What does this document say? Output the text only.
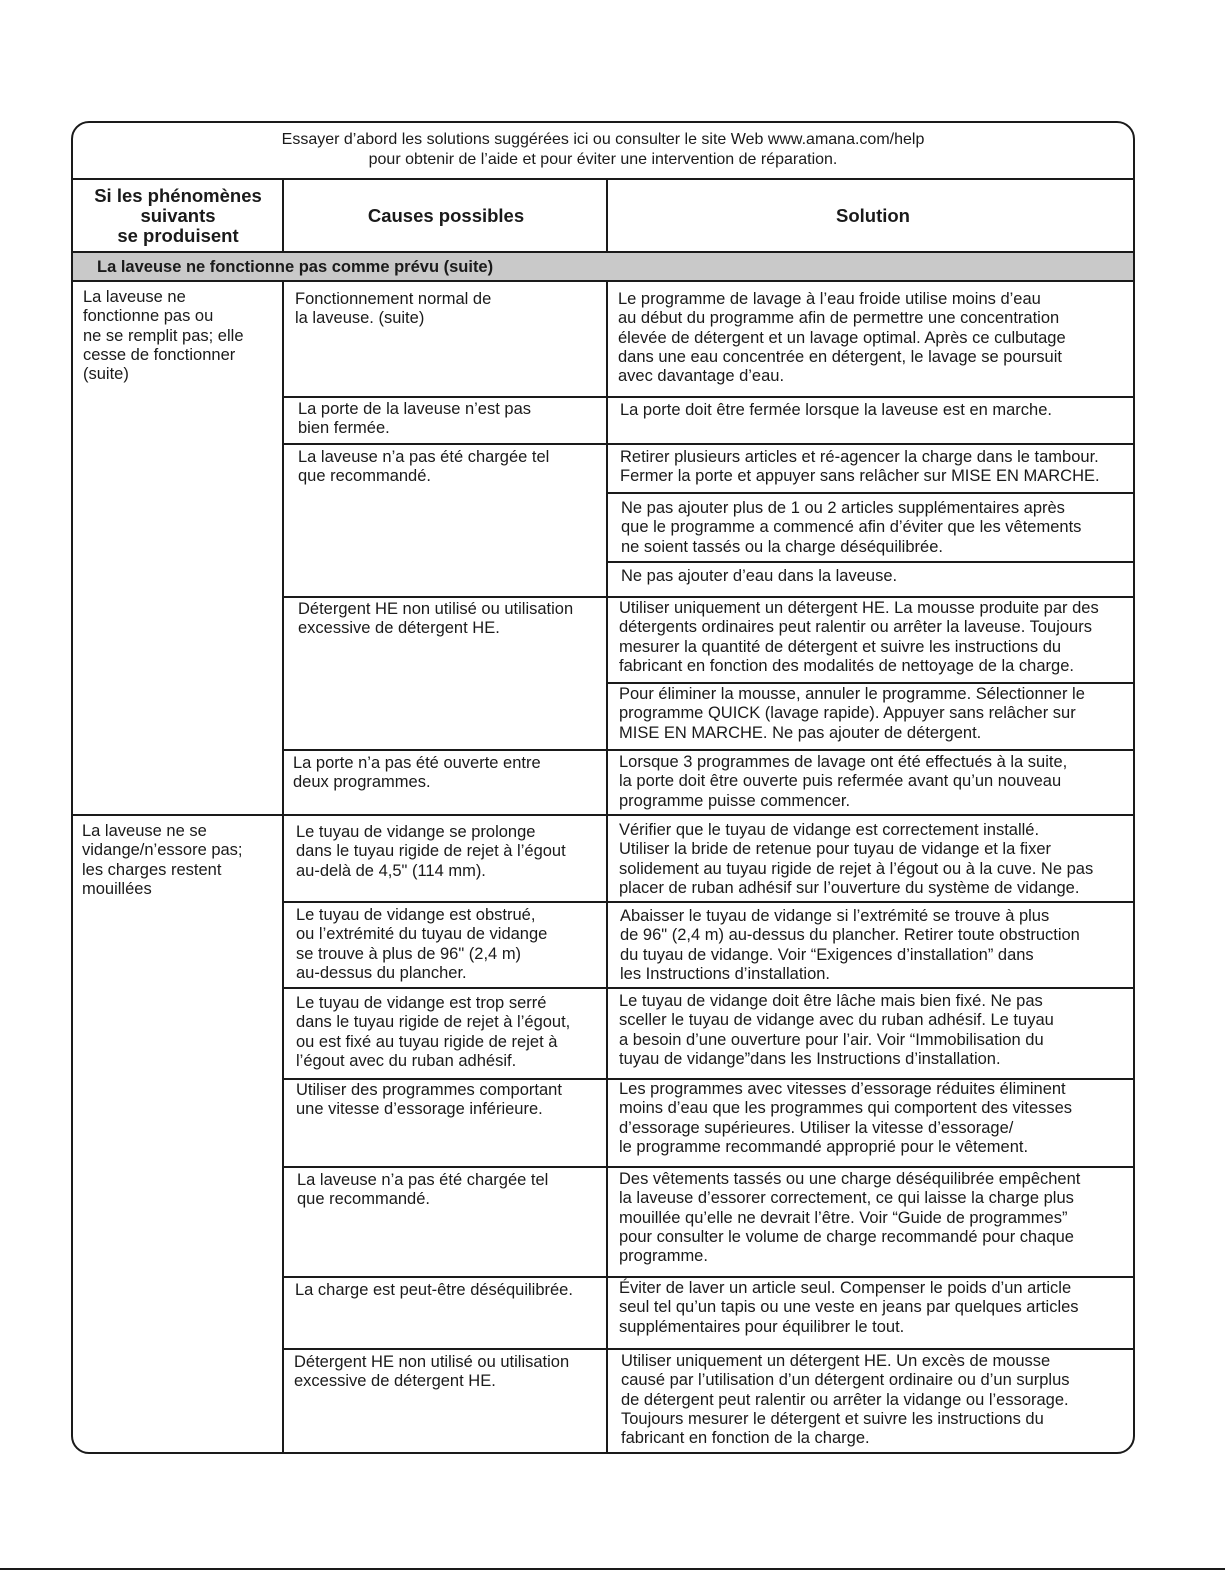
Essayer d’abord les solutions suggérées ici ou consulter le site Web www.amana.com/help
pour obtenir de l’aide et pour éviter une intervention de réparation.
Si les phénomènes
suivants
se produisent
Causes possibles	Solution
La laveuse ne fonctionne pas comme prévu (suite)
La laveuse ne
fonctionne pas ou
ne se remplit pas; elle
cesse de fonctionner
(suite)
La laveuse ne se
vidange/n’essore pas;
les charges restent
mouillées
Fonctionnement normal de
la laveuse. (suite)
La porte de la laveuse n’est pas
bien fermée.
La laveuse n’a pas été chargée tel
que recommandé.
Détergent HE non utilisé ou utilisation
excessive de détergent HE.
La porte n’a pas été ouverte entre
deux programmes.
Le tuyau de vidange se prolonge
dans le tuyau rigide de rejet à l’égout
au-delà de 4,5" (114 mm).
Le tuyau de vidange est obstrué,
ou l’extrémité du tuyau de vidange
se trouve à plus de 96" (2,4 m)
au-dessus du plancher.
Le tuyau de vidange est trop serré
dans le tuyau rigide de rejet à l’égout,
ou est fixé au tuyau rigide de rejet à
l’égout avec du ruban adhésif.
Utiliser des programmes comportant
une vitesse d’essorage inférieure.
La laveuse n’a pas été chargée tel
que recommandé.
La charge est peut-être déséquilibrée.
Détergent HE non utilisé ou utilisation
excessive de détergent HE.
Le programme de lavage à l’eau froide utilise moins d’eau
au début du programme afin de permettre une concentration
élevée de détergent et un lavage optimal. Après ce culbutage
dans une eau concentrée en détergent, le lavage se poursuit
avec davantage d’eau.
La porte doit être fermée lorsque la laveuse est en marche.
Retirer plusieurs articles et ré-agencer la charge dans le tambour.
Fermer la porte et appuyer sans relâcher sur MISE EN MARCHE.
Ne pas ajouter plus de 1 ou 2 articles supplémentaires après
que le programme a commencé afin d’éviter que les vêtements
ne soient tassés ou la charge déséquilibrée.
Ne pas ajouter d’eau dans la laveuse.
Utiliser uniquement un détergent HE. La mousse produite par des
détergents ordinaires peut ralentir ou arrêter la laveuse. Toujours
mesurer la quantité de détergent et suivre les instructions du
fabricant en fonction des modalités de nettoyage de la charge.
Pour éliminer la mousse, annuler le programme. Sélectionner le
programme QUICK (lavage rapide). Appuyer sans relâcher sur
MISE EN MARCHE. Ne pas ajouter de détergent.
Lorsque 3 programmes de lavage ont été effectués à la suite,
la porte doit être ouverte puis refermée avant qu’un nouveau
programme puisse commencer.
Vérifier que le tuyau de vidange est correctement installé.
Utiliser la bride de retenue pour tuyau de vidange et la fixer
solidement au tuyau rigide de rejet à l’égout ou à la cuve. Ne pas
placer de ruban adhésif sur l’ouverture du système de vidange.
Abaisser le tuyau de vidange si l’extrémité se trouve à plus
de 96" (2,4 m) au-dessus du plancher. Retirer toute obstruction
du tuyau de vidange. Voir “Exigences d’installation” dans
les Instructions d’installation.
Le tuyau de vidange doit être lâche mais bien fixé. Ne pas
sceller le tuyau de vidange avec du ruban adhésif. Le tuyau
a besoin d’une ouverture pour l’air. Voir “Immobilisation du
tuyau de vidange”dans les Instructions d’installation.
Les programmes avec vitesses d’essorage réduites éliminent
moins d’eau que les programmes qui comportent des vitesses
d’essorage supérieures. Utiliser la vitesse d’essorage/
le programme recommandé approprié pour le vêtement.
Des vêtements tassés ou une charge déséquilibrée empêchent
la laveuse d’essorer correctement, ce qui laisse la charge plus
mouillée qu’elle ne devrait l’être. Voir “Guide de programmes”
pour consulter le volume de charge recommandé pour chaque
programme.
Éviter de laver un article seul. Compenser le poids d’un article
seul tel qu’un tapis ou une veste en jeans par quelques articles
supplémentaires pour équilibrer le tout.
Utiliser uniquement un détergent HE. Un excès de mousse
causé par l’utilisation d’un détergent ordinaire ou d’un surplus
de détergent peut ralentir ou arrêter la vidange ou l’essorage.
Toujours mesurer le détergent et suivre les instructions du
fabricant en fonction de la charge.
